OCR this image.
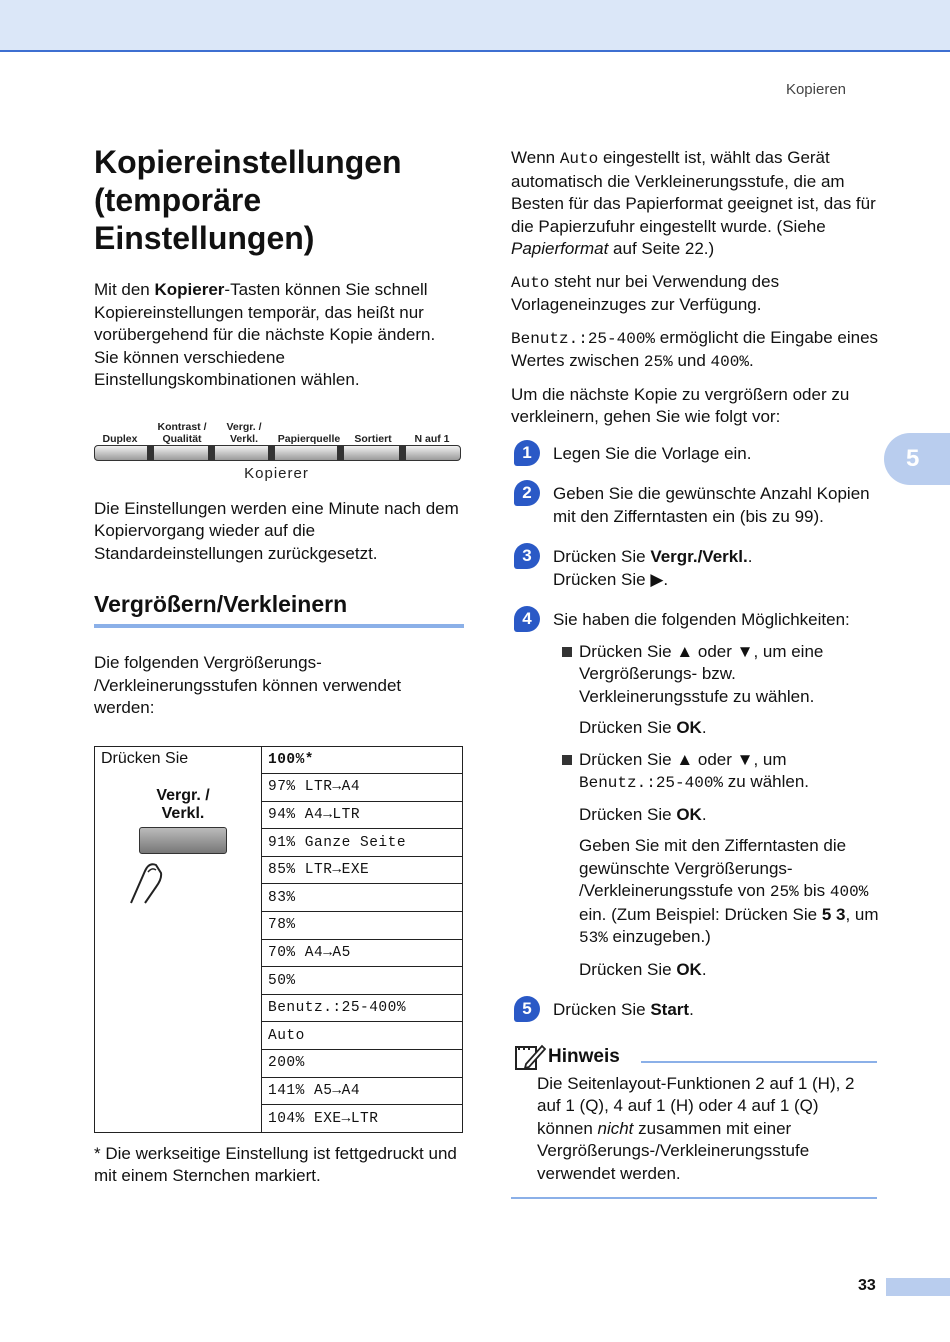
Kopieren
5
Kopiereinstellungen (temporäre Einstellungen)

Mit den Kopierer-Tasten können Sie schnell Kopiereinstellungen temporär, das heißt nur vorübergehend für die nächste Kopie ändern. Sie können verschiedene Einstellungskombinationen wählen.

Duplex
Kontrast / Qualität
Vergr. / Verkl.	Papierquelle	Sortiert	N auf 1
Kopierer

Die Einstellungen werden eine Minute nach dem Kopiervorgang wieder auf die Standardeinstellungen zurückgesetzt.

Vergrößern/Verkleinern

Die folgenden Vergrößerungs- /Verkleinerungsstufen können verwendet werden:

Drücken Sie
Vergr. / Verkl.
	100%*
97% LTR→A4
94% A4→LTR
91% Ganze Seite
85% LTR→EXE
83%
78%
70% A4→A5
50%
Benutz.:25-400%
Auto
200%
141% A5→A4
104% EXE→LTR

* Die werkseitige Einstellung ist fettgedruckt und mit einem Sternchen markiert.

Wenn Auto eingestellt ist, wählt das Gerät automatisch die Verkleinerungsstufe, die am Besten für das Papierformat geeignet ist, das für die Papierzufuhr eingestellt wurde. (Siehe Papierformat auf Seite 22.)

Auto steht nur bei Verwendung des Vorlageneinzuges zur Verfügung.

Benutz.:25-400% ermöglicht die Eingabe eines Wertes zwischen 25% und 400%.

Um die nächste Kopie zu vergrößern oder zu verkleinern, gehen Sie wie folgt vor:

1	Legen Sie die Vorlage ein.

2	Geben Sie die gewünschte Anzahl Kopien mit den Zifferntasten ein (bis zu 99).

3	Drücken Sie Vergr./Verkl..

Drücken Sie ▶.

4	Sie haben die folgenden Möglichkeiten:

Drücken Sie ▲ oder ▼, um eine Vergrößerungs- bzw. Verkleinerungsstufe zu wählen.

Drücken Sie OK.

Drücken Sie ▲ oder ▼, um Benutz.:25-400% zu wählen.

Drücken Sie OK.

Geben Sie mit den Zifferntasten die gewünschte Vergrößerungs- /Verkleinerungsstufe von 25% bis 400% ein. (Zum Beispiel: Drücken Sie 5 3, um 53% einzugeben.)

Drücken Sie OK.

5	Drücken Sie Start.

Hinweis

Die Seitenlayout-Funktionen 2 auf 1 (H), 2 auf 1 (Q), 4 auf 1 (H) oder 4 auf 1 (Q) können nicht zusammen mit einer Vergrößerungs-/Verkleinerungsstufe verwendet werden.

33
